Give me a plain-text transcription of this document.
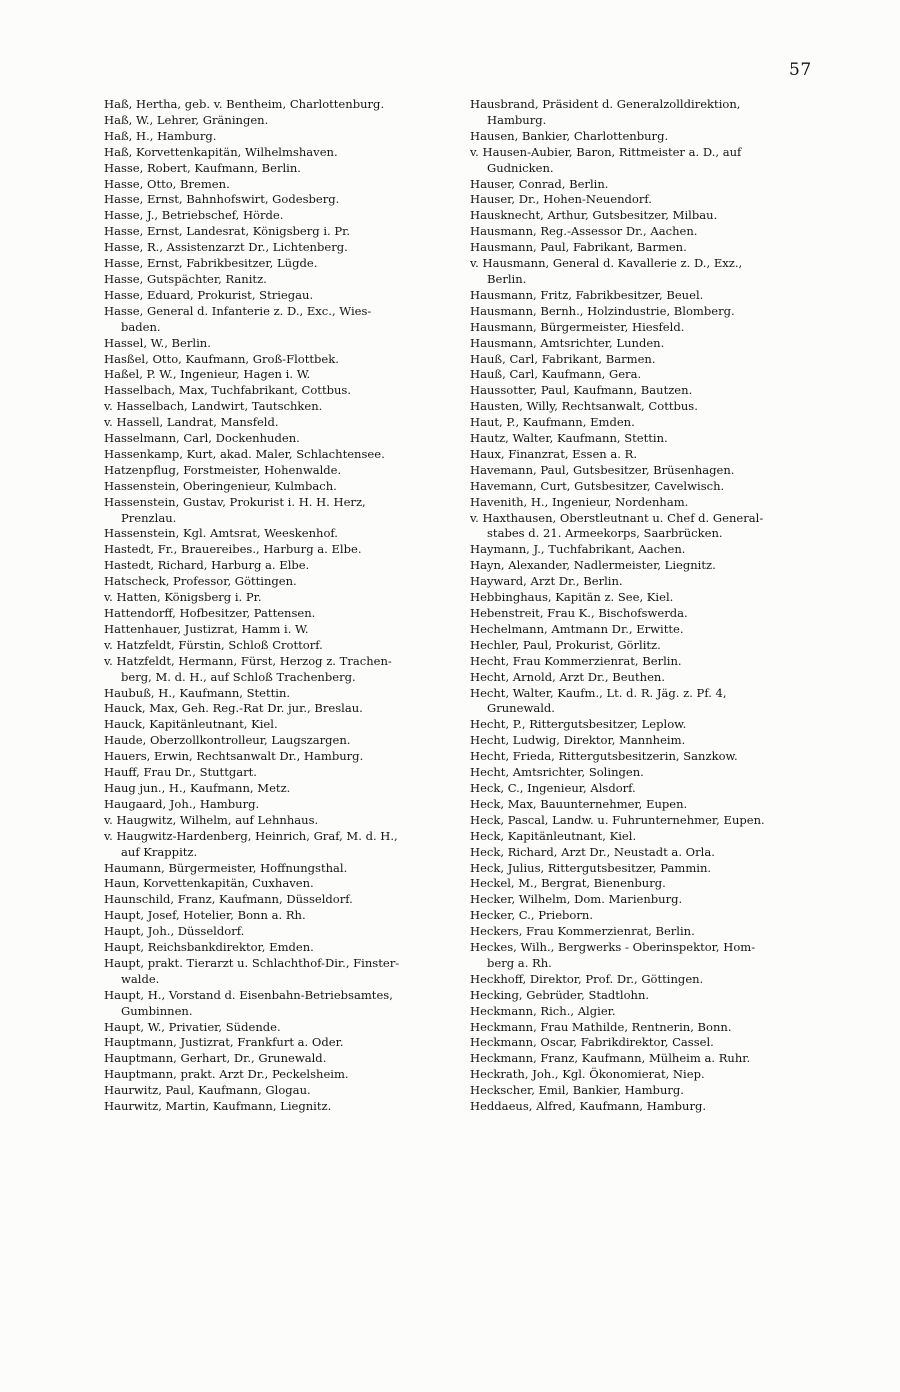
57
Haß, Hertha, geb. v. Bentheim, Charlottenburg.
Haß, W., Lehrer, Gräningen.
Haß, H., Hamburg.
Haß, Korvettenkapitän, Wilhelmshaven.
Hasse, Robert, Kaufmann, Berlin.
Hasse, Otto, Bremen.
Hasse, Ernst, Bahnhofswirt, Godesberg.
Hasse, J., Betriebschef, Hörde.
Hasse, Ernst, Landesrat, Königsberg i. Pr.
Hasse, R., Assistenzarzt Dr., Lichtenberg.
Hasse, Ernst, Fabrikbesitzer, Lügde.
Hasse, Gutspächter, Ranitz.
Hasse, Eduard, Prokurist, Striegau.
Hasse, General d. Infanterie z. D., Exc., Wies-
baden.
Hassel, W., Berlin.
Hasßel, Otto, Kaufmann, Groß-Flottbek.
Haßel, P. W., Ingenieur, Hagen i. W.
Hasselbach, Max, Tuchfabrikant, Cottbus.
v. Hasselbach, Landwirt, Tautschken.
v. Hassell, Landrat, Mansfeld.
Hasselmann, Carl, Dockenhuden.
Hassenkamp, Kurt, akad. Maler, Schlachtensee.
Hatzenpflug, Forstmeister, Hohenwalde.
Hassenstein, Oberingenieur, Kulmbach.
Hassenstein, Gustav, Prokurist i. H. H. Herz,
Prenzlau.
Hassenstein, Kgl. Amtsrat, Weeskenhof.
Hastedt, Fr., Brauereibes., Harburg a. Elbe.
Hastedt, Richard, Harburg a. Elbe.
Hatscheck, Professor, Göttingen.
v. Hatten, Königsberg i. Pr.
Hattendorff, Hofbesitzer, Pattensen.
Hattenhauer, Justizrat, Hamm i. W.
v. Hatzfeldt, Fürstin, Schloß Crottorf.
v. Hatzfeldt, Hermann, Fürst, Herzog z. Trachen-
berg, M. d. H., auf Schloß Trachenberg.
Haubuß, H., Kaufmann, Stettin.
Hauck, Max, Geh. Reg.-Rat Dr. jur., Breslau.
Hauck, Kapitänleutnant, Kiel.
Haude, Oberzollkontrolleur, Laugszargen.
Hauers, Erwin, Rechtsanwalt Dr., Hamburg.
Hauff, Frau Dr., Stuttgart.
Haug jun., H., Kaufmann, Metz.
Haugaard, Joh., Hamburg.
v. Haugwitz, Wilhelm, auf Lehnhaus.
v. Haugwitz-Hardenberg, Heinrich, Graf, M. d. H.,
auf Krappitz.
Haumann, Bürgermeister, Hoffnungsthal.
Haun, Korvettenkapitän, Cuxhaven.
Haunschild, Franz, Kaufmann, Düsseldorf.
Haupt, Josef, Hotelier, Bonn a. Rh.
Haupt, Joh., Düsseldorf.
Haupt, Reichsbankdirektor, Emden.
Haupt, prakt. Tierarzt u. Schlachthof-Dir., Finster-
walde.
Haupt, H., Vorstand d. Eisenbahn-Betriebsamtes,
Gumbinnen.
Haupt, W., Privatier, Südende.
Hauptmann, Justizrat, Frankfurt a. Oder.
Hauptmann, Gerhart, Dr., Grunewald.
Hauptmann, prakt. Arzt Dr., Peckelsheim.
Haurwitz, Paul, Kaufmann, Glogau.
Haurwitz, Martin, Kaufmann, Liegnitz.
Hausbrand, Präsident d. Generalzolldirektion,
Hamburg.
Hausen, Bankier, Charlottenburg.
v. Hausen-Aubier, Baron, Rittmeister a. D., auf
Gudnicken.
Hauser, Conrad, Berlin.
Hauser, Dr., Hohen-Neuendorf.
Hausknecht, Arthur, Gutsbesitzer, Milbau.
Hausmann, Reg.-Assessor Dr., Aachen.
Hausmann, Paul, Fabrikant, Barmen.
v. Hausmann, General d. Kavallerie z. D., Exz.,
Berlin.
Hausmann, Fritz, Fabrikbesitzer, Beuel.
Hausmann, Bernh., Holzindustrie, Blomberg.
Hausmann, Bürgermeister, Hiesfeld.
Hausmann, Amtsrichter, Lunden.
Hauß, Carl, Fabrikant, Barmen.
Hauß, Carl, Kaufmann, Gera.
Haussotter, Paul, Kaufmann, Bautzen.
Hausten, Willy, Rechtsanwalt, Cottbus.
Haut, P., Kaufmann, Emden.
Hautz, Walter, Kaufmann, Stettin.
Haux, Finanzrat, Essen a. R.
Havemann, Paul, Gutsbesitzer, Brüsenhagen.
Havemann, Curt, Gutsbesitzer, Cavelwisch.
Havenith, H., Ingenieur, Nordenham.
v. Haxthausen, Oberstleutnant u. Chef d. General-
stabes d. 21. Armeekorps, Saarbrücken.
Haymann, J., Tuchfabrikant, Aachen.
Hayn, Alexander, Nadlermeister, Liegnitz.
Hayward, Arzt Dr., Berlin.
Hebbinghaus, Kapitän z. See, Kiel.
Hebenstreit, Frau K., Bischofswerda.
Hechelmann, Amtmann Dr., Erwitte.
Hechler, Paul, Prokurist, Görlitz.
Hecht, Frau Kommerzienrat, Berlin.
Hecht, Arnold, Arzt Dr., Beuthen.
Hecht, Walter, Kaufm., Lt. d. R. Jäg. z. Pf. 4,
Grunewald.
Hecht, P., Rittergutsbesitzer, Leplow.
Hecht, Ludwig, Direktor, Mannheim.
Hecht, Frieda, Rittergutsbesitzerin, Sanzkow.
Hecht, Amtsrichter, Solingen.
Heck, C., Ingenieur, Alsdorf.
Heck, Max, Bauunternehmer, Eupen.
Heck, Pascal, Landw. u. Fuhrunternehmer, Eupen.
Heck, Kapitänleutnant, Kiel.
Heck, Richard, Arzt Dr., Neustadt a. Orla.
Heck, Julius, Rittergutsbesitzer, Pammin.
Heckel, M., Bergrat, Bienenburg.
Hecker, Wilhelm, Dom. Marienburg.
Hecker, C., Prieborn.
Heckers, Frau Kommerzienrat, Berlin.
Heckes, Wilh., Bergwerks - Oberinspektor, Hom-
berg a. Rh.
Heckhoff, Direktor, Prof. Dr., Göttingen.
Hecking, Gebrüder, Stadtlohn.
Heckmann, Rich., Algier.
Heckmann, Frau Mathilde, Rentnerin, Bonn.
Heckmann, Oscar, Fabrikdirektor, Cassel.
Heckmann, Franz, Kaufmann, Mülheim a. Ruhr.
Heckrath, Joh., Kgl. Ökonomierat, Niep.
Heckscher, Emil, Bankier, Hamburg.
Heddaeus, Alfred, Kaufmann, Hamburg.
